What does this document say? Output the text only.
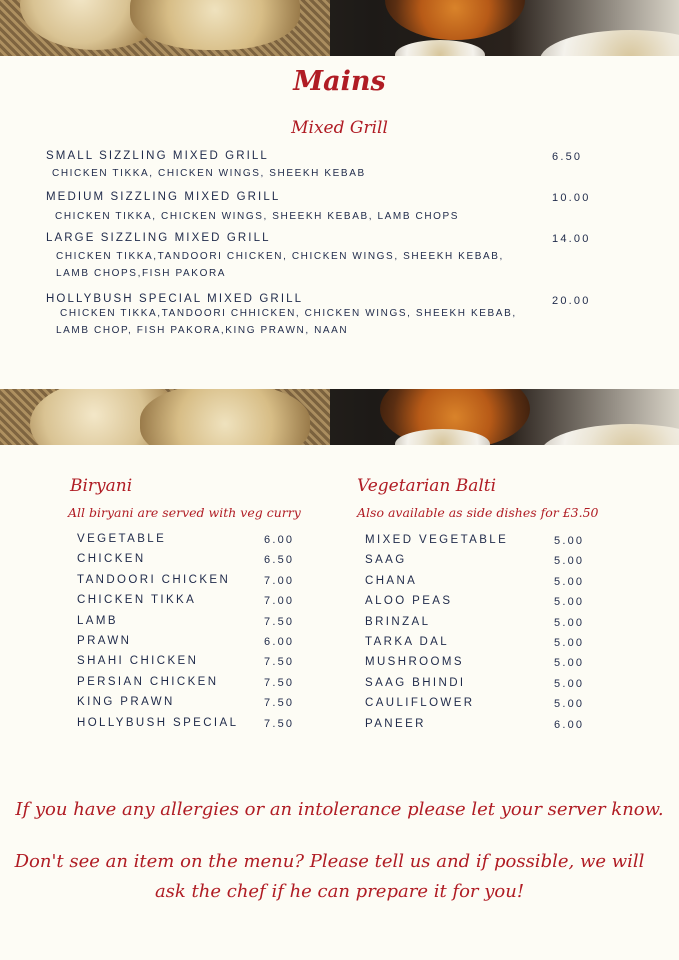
Mains
Mixed Grill
SMALL SIZZLING MIXED GRILL	6.50
CHICKEN TIKKA, CHICKEN WINGS, SHEEKH KEBAB
MEDIUM SIZZLING MIXED GRILL	10.00
CHICKEN TIKKA, CHICKEN WINGS, SHEEKH KEBAB, LAMB CHOPS
LARGE SIZZLING MIXED GRILL	14.00
CHICKEN TIKKA,TANDOORI CHICKEN, CHICKEN WINGS, SHEEKH KEBAB, LAMB CHOPS,FISH PAKORA
HOLLYBUSH SPECIAL MIXED GRILL	20.00
CHICKEN TIKKA,TANDOORI CHHICKEN, CHICKEN WINGS, SHEEKH KEBAB, LAMB CHOP, FISH PAKORA,KING PRAWN, NAAN
Biryani
All biryani are served with veg curry
VEGETABLE	6.00
CHICKEN	6.50
TANDOORI CHICKEN	7.00
CHICKEN TIKKA	7.00
LAMB	7.50
PRAWN	6.00
SHAHI CHICKEN	7.50
PERSIAN CHICKEN	7.50
KING PRAWN	7.50
HOLLYBUSH SPECIAL 7.50
Vegetarian Balti
Also available as side dishes for £3.50
MIXED VEGETABLE	5.00
SAAG	5.00
CHANA	5.00
ALOO PEAS	5.00
BRINZAL	5.00
TARKA DAL	5.00
MUSHROOMS	5.00
SAAG BHINDI	5.00
CAULIFLOWER	5.00
PANEER	6.00
If you have any allergies or an intolerance please let your server know.
Don't see an item on the menu? Please tell us and if possible, we will
ask the chef if he can prepare it for you!
